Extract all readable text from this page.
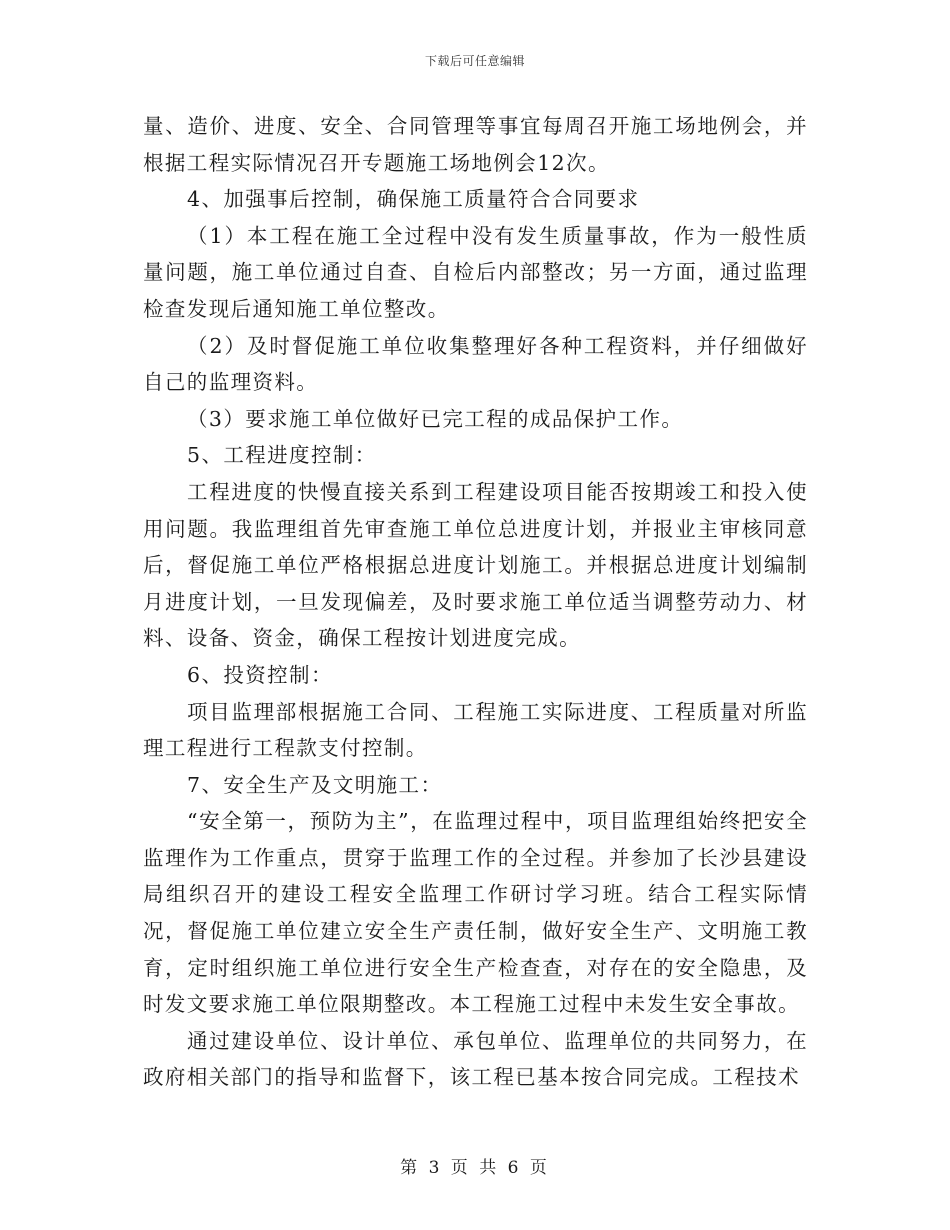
下载后可任意编辑

量、造价、进度、安全、合同管理等事宜每周召开施工场地例会，并根据工程实际情况召开专题施工场地例会12次。

4、加强事后控制，确保施工质量符合合同要求

（1）本工程在施工全过程中没有发生质量事故，作为一般性质量问题，施工单位通过自查、自检后内部整改；另一方面，通过监理检查发现后通知施工单位整改。

（2）及时督促施工单位收集整理好各种工程资料，并仔细做好自己的监理资料。

（3）要求施工单位做好已完工程的成品保护工作。

5、工程进度控制：

工程进度的快慢直接关系到工程建设项目能否按期竣工和投入使用问题。我监理组首先审查施工单位总进度计划，并报业主审核同意后，督促施工单位严格根据总进度计划施工。并根据总进度计划编制月进度计划，一旦发现偏差，及时要求施工单位适当调整劳动力、材料、设备、资金，确保工程按计划进度完成。

6、投资控制：

项目监理部根据施工合同、工程施工实际进度、工程质量对所监理工程进行工程款支付控制。

7、安全生产及文明施工：

“安全第一，预防为主”，在监理过程中，项目监理组始终把安全监理作为工作重点，贯穿于监理工作的全过程。并参加了长沙县建设局组织召开的建设工程安全监理工作研讨学习班。结合工程实际情况，督促施工单位建立安全生产责任制，做好安全生产、文明施工教育，定时组织施工单位进行安全生产检查查，对存在的安全隐患，及时发文要求施工单位限期整改。本工程施工过程中未发生安全事故。

通过建设单位、设计单位、承包单位、监理单位的共同努力，在政府相关部门的指导和监督下，该工程已基本按合同完成。工程技术

第 3 页 共 6 页
